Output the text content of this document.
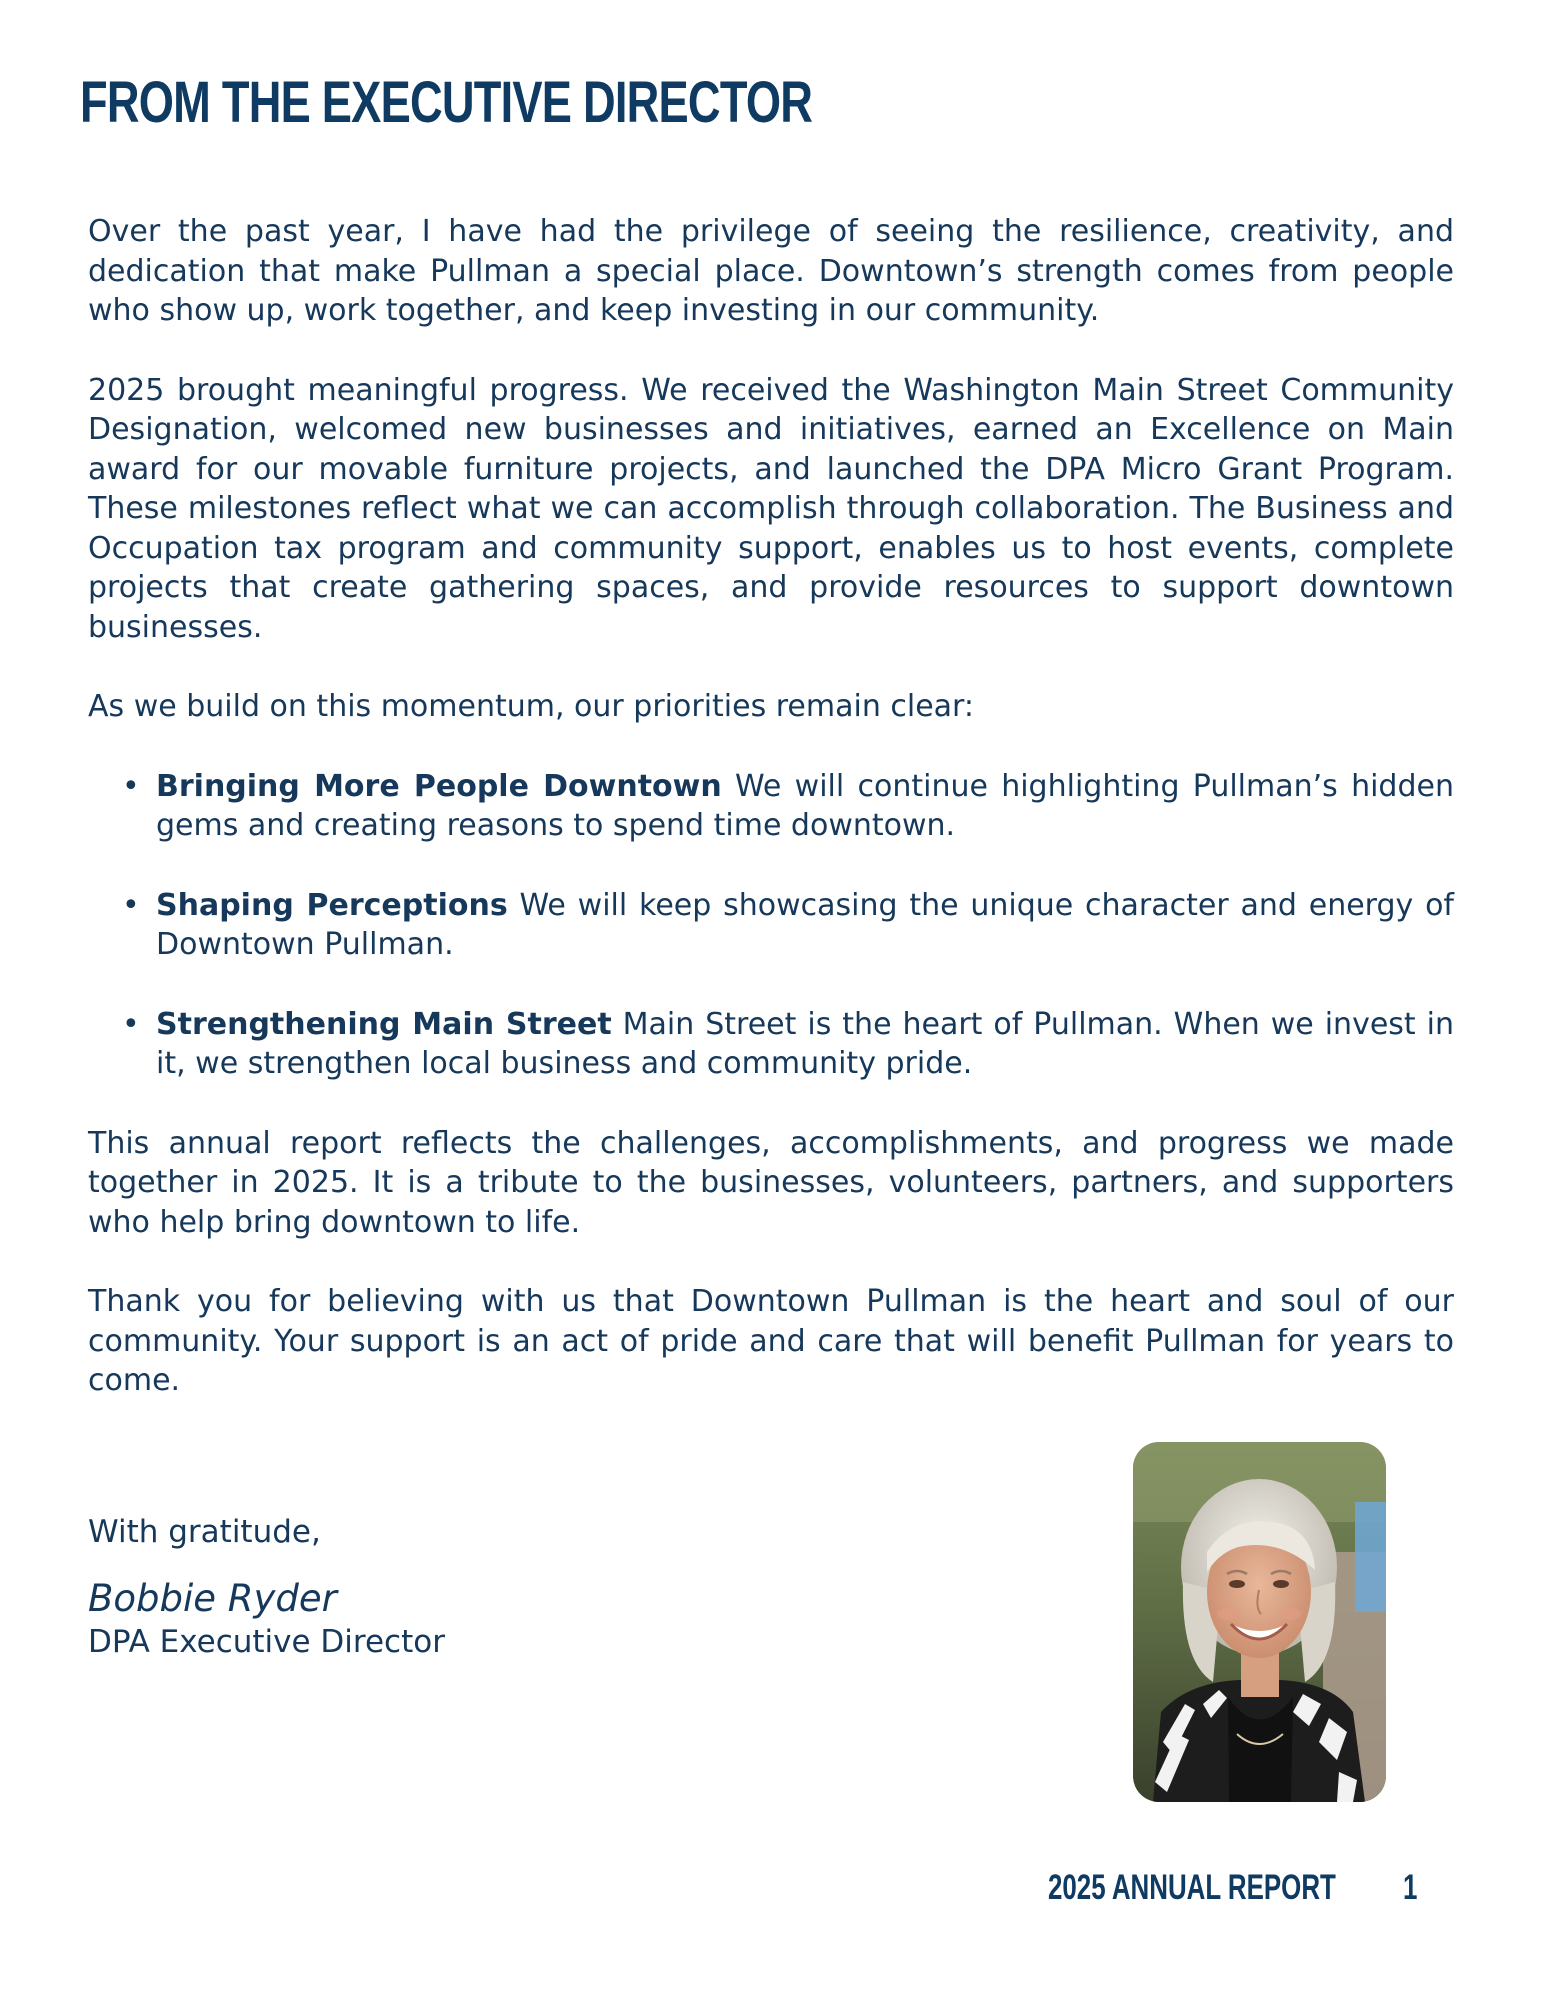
FROM THE EXECUTIVE DIRECTOR

Over the past year, I have had the privilege of seeing the resilience, creativity, and dedication that make Pullman a special place. Downtown’s strength comes from people who show up, work together, and keep investing in our community.

2025 brought meaningful progress. We received the Washington Main Street Community Designation, welcomed new businesses and initiatives, earned an Excellence on Main award for our movable furniture projects, and launched the DPA Micro Grant Program. These milestones reflect what we can accomplish through collaboration. The Business and Occupation tax program and community support, enables us to host events, complete projects that create gathering spaces, and provide resources to support downtown businesses.

As we build on this momentum, our priorities remain clear:

• Bringing More People Downtown We will continue highlighting Pullman’s hidden gems and creating reasons to spend time downtown.
• Shaping Perceptions We will keep showcasing the unique character and energy of Downtown Pullman.
• Strengthening Main Street Main Street is the heart of Pullman. When we invest in it, we strengthen local business and community pride.

This annual report reflects the challenges, accomplishments, and progress we made together in 2025. It is a tribute to the businesses, volunteers, partners, and supporters who help bring downtown to life.

Thank you for believing with us that Downtown Pullman is the heart and soul of our community. Your support is an act of pride and care that will benefit Pullman for years to come.

With gratitude,

Bobbie Ryder

DPA Executive Director

2025 ANNUAL REPORT 1
